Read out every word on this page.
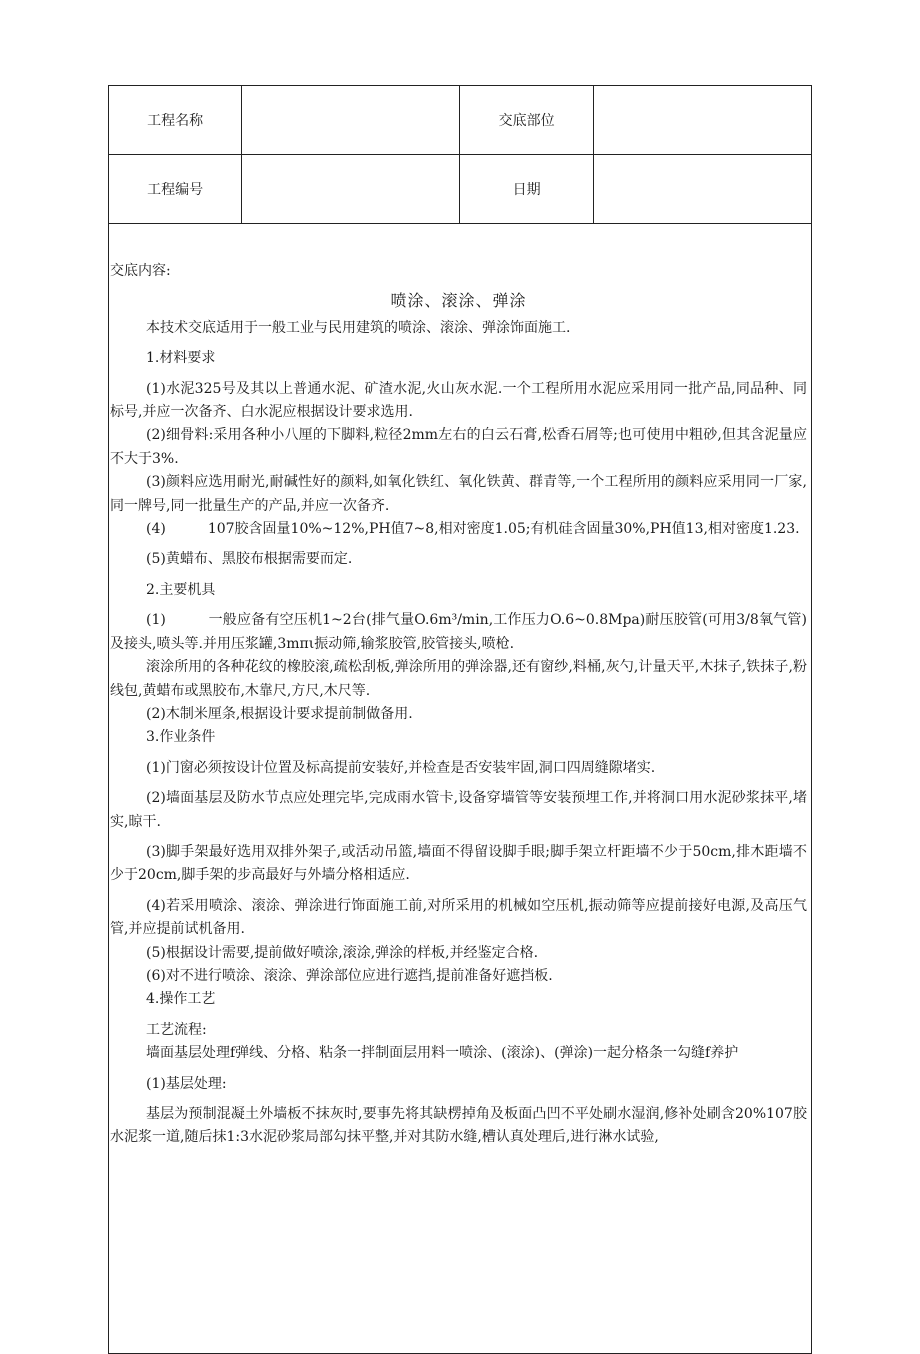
工程名称		交底部位	
工程编号		日期	

交底内容:

喷涂、滚涂、弹涂

本技术交底适用于一般工业与民用建筑的喷涂、滚涂、弹涂饰面施工.

1.材料要求

(1)水泥325号及其以上普通水泥、矿渣水泥,火山灰水泥.一个工程所用水泥应采用同一批产品,同品种、同标号,并应一次备齐、白水泥应根据设计要求选用.

(2)细骨料:采用各种小八厘的下脚料,粒径2mm左右的白云石膏,松香石屑等;也可使用中粗砂,但其含泥量应不大于3%.

(3)颜料应选用耐光,耐碱性好的颜料,如氧化铁红、氧化铁黄、群青等,一个工程所用的颜料应采用同一厂家,同一牌号,同一批量生产的产品,并应一次备齐.

(4)　　　107胶含固量10%~12%,PH值7~8,相对密度1.05;有机硅含固量30%,PH值13,相对密度1.23.

(5)黄蜡布、黑胶布根据需要而定.

2.主要机具

(1)　　　一般应备有空压机1~2台(排气量O.6m³/min,工作压力O.6~0.8Mpa)耐压胶管(可用3/8氧气管)及接头,喷头等.并用压浆罐,3mπι振动筛,输浆胶管,胶管接头,喷枪.

滚涂所用的各种花纹的橡胶滚,疏松刮板,弹涂所用的弹涂器,还有窗纱,料桶,灰勺,计量天平,木抹子,铁抹子,粉线包,黄蜡布或黑胶布,木靠尺,方尺,木尺等.

(2)木制米厘条,根据设计要求提前制做备用.

3.作业条件

(1)门窗必须按设计位置及标高提前安装好,并检查是否安装牢固,洞口四周缝隙堵实.

(2)墙面基层及防水节点应处理完毕,完成雨水管卡,设备穿墙管等安装预埋工作,并将洞口用水泥砂浆抹平,堵实,晾干.

(3)脚手架最好选用双排外架子,或活动吊篮,墙面不得留设脚手眼;脚手架立杆距墙不少于50cm,排木距墙不少于20cm,脚手架的步高最好与外墙分格相适应.

(4)若采用喷涂、滚涂、弹涂进行饰面施工前,对所采用的机械如空压机,振动筛等应提前接好电源,及高压气管,并应提前试机备用.

(5)根据设计需要,提前做好喷涂,滚涂,弹涂的样板,并经鉴定合格.

(6)对不进行喷涂、滚涂、弹涂部位应进行遮挡,提前准备好遮挡板.

4.操作工艺

工艺流程:

墙面基层处理f弹线、分格、粘条一拌制面层用料一喷涂、(滚涂)、(弹涂)一起分格条一勾缝f养护

(1)基层处理:

基层为预制混凝土外墙板不抹灰时,要事先将其缺楞掉角及板面凸凹不平处刷水湿润,修补处刷含20%107胶水泥浆一道,随后抹1:3水泥砂浆局部勾抹平整,并对其防水缝,槽认真处理后,进行淋水试验,
